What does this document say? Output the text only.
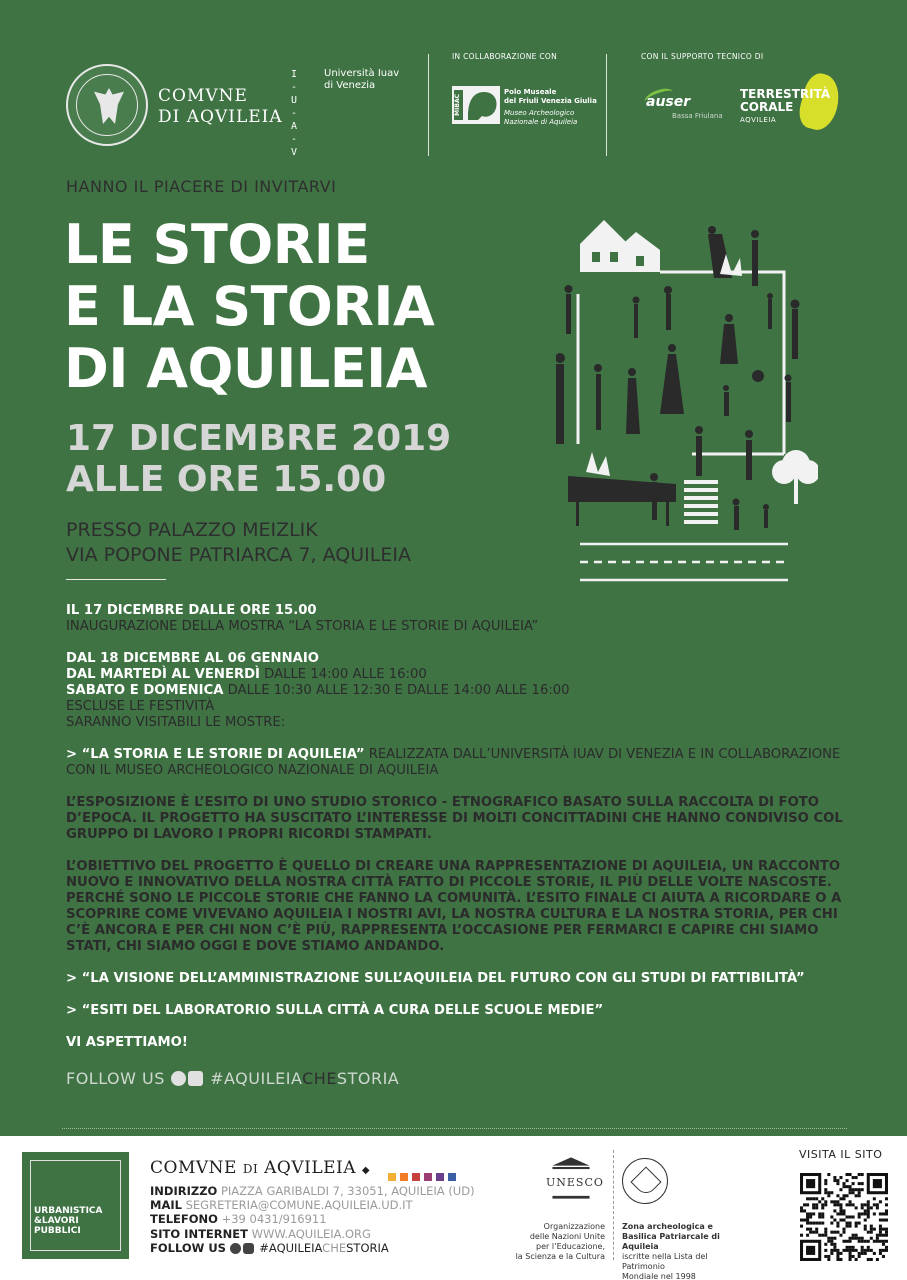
COMVNE
DI AQVILEIA
I
-
U
-
A
-
V
Università Iuav
di Venezia
IN COLLABORAZIONE CON
MIBAC
Polo Museale
del Friuli Venezia Giulia
Museo Archeologico
Nazionale di Aquileia
CON IL SUPPORTO TECNICO DI
auser
Bassa Friulana
TERRESTRITÀ
CORALE
AQVILEIA
HANNO IL PIACERE DI INVITARVI
LE STORIE
E LA STORIA
DI AQUILEIA
17 DICEMBRE 2019
ALLE ORE 15.00
PRESSO PALAZZO MEIZLIK
VIA POPONE PATRIARCA 7, AQUILEIA

IL 17 DICEMBRE DALLE ORE 15.00

INAUGURAZIONE DELLA MOSTRA “LA STORIA E LE STORIE DI AQUILEIA”

DAL 18 DICEMBRE AL 06 GENNAIO

DAL MARTEDÌ AL VENERDÌ DALLE 14:00 ALLE 16:00

SABATO E DOMENICA DALLE 10:30 ALLE 12:30 E DALLE 14:00 ALLE 16:00

ESCLUSE LE FESTIVITÀ

SARANNO VISITABILI LE MOSTRE:

> “LA STORIA E LE STORIE DI AQUILEIA” REALIZZATA DALL’UNIVERSITÀ IUAV DI VENEZIA E IN COLLABORAZIONE CON IL MUSEO ARCHEOLOGICO NAZIONALE DI AQUILEIA

L’ESPOSIZIONE È L’ESITO DI UNO STUDIO STORICO - ETNOGRAFICO BASATO SULLA RACCOLTA DI FOTO D’EPOCA. IL PROGETTO HA SUSCITATO L’INTERESSE DI MOLTI CONCITTADINI CHE HANNO CONDIVISO COL GRUPPO DI LAVORO I PROPRI RICORDI STAMPATI.

L’OBIETTIVO DEL PROGETTO È QUELLO DI CREARE UNA RAPPRESENTAZIONE DI AQUILEIA, UN RACCONTO NUOVO E INNOVATIVO DELLA NOSTRA CITTÀ FATTO DI PICCOLE STORIE, IL PIÙ DELLE VOLTE NASCOSTE. PERCHÉ SONO LE PICCOLE STORIE CHE FANNO LA COMUNITÀ. L’ESITO FINALE CI AIUTA A RICORDARE O A SCOPRIRE COME VIVEVANO AQUILEIA I NOSTRI AVI, LA NOSTRA CULTURA E LA NOSTRA STORIA, PER CHI C’È ANCORA E PER CHI NON C’È PIÙ, RAPPRESENTA L’OCCASIONE PER FERMARCI E CAPIRE CHI SIAMO STATI, CHI SIAMO OGGI E DOVE STIAMO ANDANDO.

> “LA VISIONE DELL’AMMINISTRAZIONE SULL’AQUILEIA DEL FUTURO CON GLI STUDI DI FATTIBILITÀ”

> “ESITI DEL LABORATORIO SULLA CITTÀ A CURA DELLE SCUOLE MEDIE”

VI ASPETTIAMO!

FOLLOW US	#AQUILEIACHESTORIA
URBANISTICA
&LAVORI
PUBBLICI
COMVNE DI AQVILEIA ◆
INDIRIZZO PIAZZA GARIBALDI 7, 33051, AQUILEIA (UD)
MAIL SEGRETERIA@COMUNE.AQUILEIA.UD.IT
TELEFONO +39 0431/916911
SITO INTERNET WWW.AQUILEIA.ORG
FOLLOW US	#AQUILEIACHESTORIA
UNESCO
Organizzazione
delle Nazioni Unite
per l’Educazione,
la Scienza e la Cultura
Zona archeologica e
Basilica Patriarcale di Aquileia
iscritte nella Lista del Patrimonio
Mondiale nel 1998
VISITA IL SITO
